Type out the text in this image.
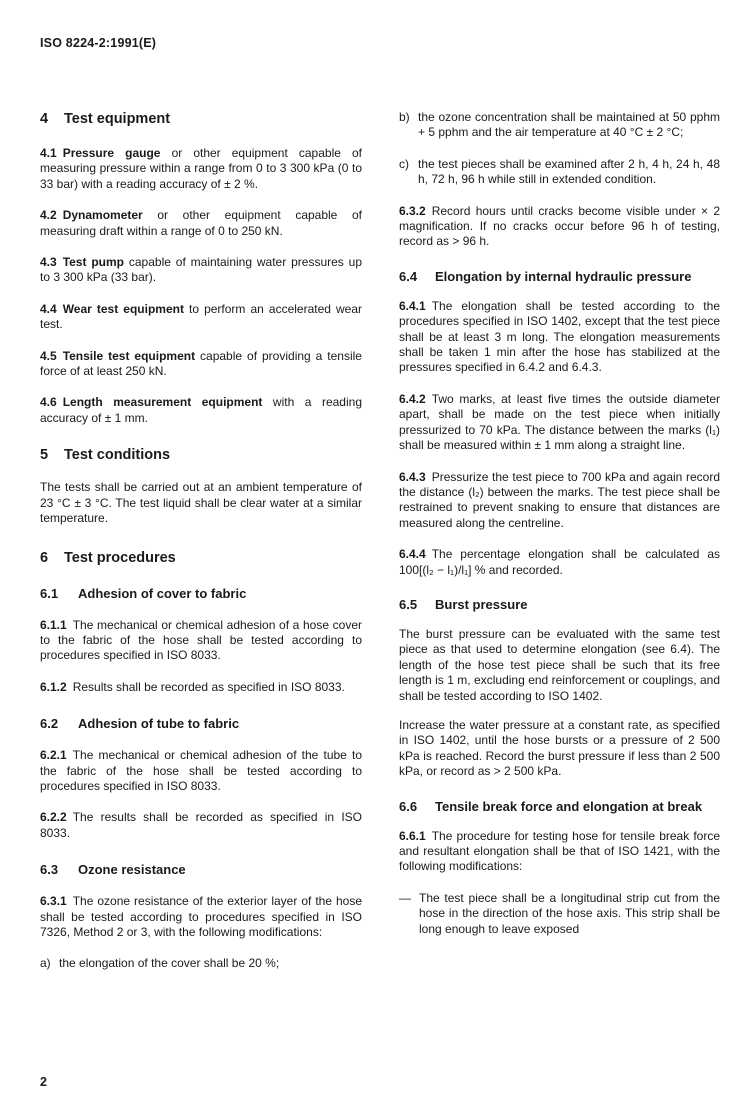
ISO 8224-2:1991(E)
4 Test equipment

4.1 Pressure gauge or other equipment capable of measuring pressure within a range from 0 to 3 300 kPa (0 to 33 bar) with a reading accuracy of ± 2 %.

4.2 Dynamometer or other equipment capable of measuring draft within a range of 0 to 250 kN.

4.3 Test pump capable of maintaining water pressures up to 3 300 kPa (33 bar).

4.4 Wear test equipment to perform an accelerated wear test.

4.5 Tensile test equipment capable of providing a tensile force of at least 250 kN.

4.6 Length measurement equipment with a reading accuracy of ± 1 mm.

5 Test conditions

The tests shall be carried out at an ambient temperature of 23 °C ± 3 °C. The test liquid shall be clear water at a similar temperature.

6 Test procedures
6.1 Adhesion of cover to fabric

6.1.1 The mechanical or chemical adhesion of a hose cover to the fabric of the hose shall be tested according to procedures specified in ISO 8033.

6.1.2 Results shall be recorded as specified in ISO 8033.

6.2 Adhesion of tube to fabric

6.2.1 The mechanical or chemical adhesion of the tube to the fabric of the hose shall be tested according to procedures specified in ISO 8033.

6.2.2 The results shall be recorded as specified in ISO 8033.

6.3 Ozone resistance

6.3.1 The ozone resistance of the exterior layer of the hose shall be tested according to procedures specified in ISO 7326, Method 2 or 3, with the following modifications:

a) the elongation of the cover shall be 20 %;
b) the ozone concentration shall be maintained at 50 pphm + 5 pphm and the air temperature at 40 °C ± 2 °C;
c) the test pieces shall be examined after 2 h, 4 h, 24 h, 48 h, 72 h, 96 h while still in extended condition.

6.3.2 Record hours until cracks become visible under × 2 magnification. If no cracks occur before 96 h of testing, record as > 96 h.

6.4 Elongation by internal hydraulic pressure

6.4.1 The elongation shall be tested according to the procedures specified in ISO 1402, except that the test piece shall be at least 3 m long. The elongation measurements shall be taken 1 min after the hose has stabilized at the pressures specified in 6.4.2 and 6.4.3.

6.4.2 Two marks, at least five times the outside diameter apart, shall be made on the test piece when initially pressurized to 70 kPa. The distance between the marks (l₁) shall be measured within ± 1 mm along a straight line.

6.4.3 Pressurize the test piece to 700 kPa and again record the distance (l₂) between the marks. The test piece shall be restrained to prevent snaking to ensure that distances are measured along the centreline.

6.4.4 The percentage elongation shall be calculated as 100[(l₂ − l₁)/l₁] % and recorded.

6.5 Burst pressure

The burst pressure can be evaluated with the same test piece as that used to determine elongation (see 6.4). The length of the hose test piece shall be such that its free length is 1 m, excluding end reinforcement or couplings, and shall be tested according to ISO 1402.

Increase the water pressure at a constant rate, as specified in ISO 1402, until the hose bursts or a pressure of 2 500 kPa is reached. Record the burst pressure if less than 2 500 kPa, or record as > 2 500 kPa.

6.6 Tensile break force and elongation at break

6.6.1 The procedure for testing hose for tensile break force and resultant elongation shall be that of ISO 1421, with the following modifications:

— The test piece shall be a longitudinal strip cut from the hose in the direction of the hose axis. This strip shall be long enough to leave exposed
2
